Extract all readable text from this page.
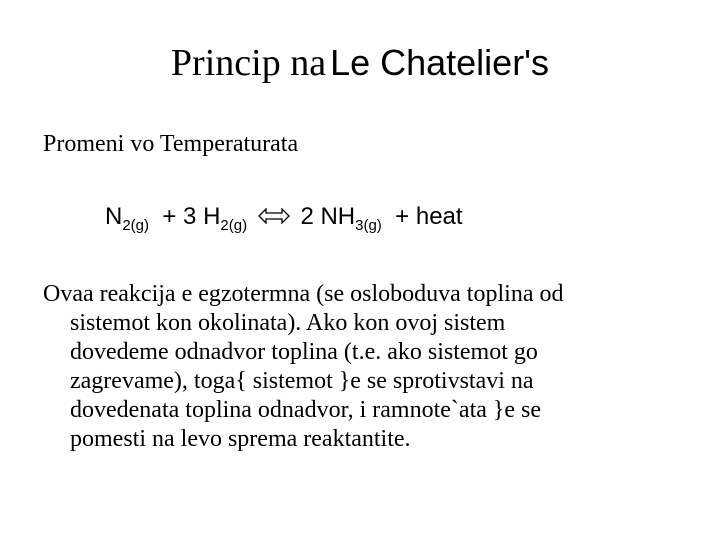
Princip na Le Chatelier's
Promeni vo Temperaturata
$N_{2(g)} + 3$ $H_{2(g)}$ 2 $NH_{3(g)}$ + heat

Ovaa reakcija e egzotermna (se osloboduva toplina od
sistemot kon okolinata). Ako kon ovoj sistem
dovedeme odnadvor toplina (t.e. ako sistemot go
zagrevame), toga{ sistemot }e se sprotivstavi na
dovedenata toplina odnadvor, i ramnote`ata }e se
pomesti na levo sprema reaktantite.
